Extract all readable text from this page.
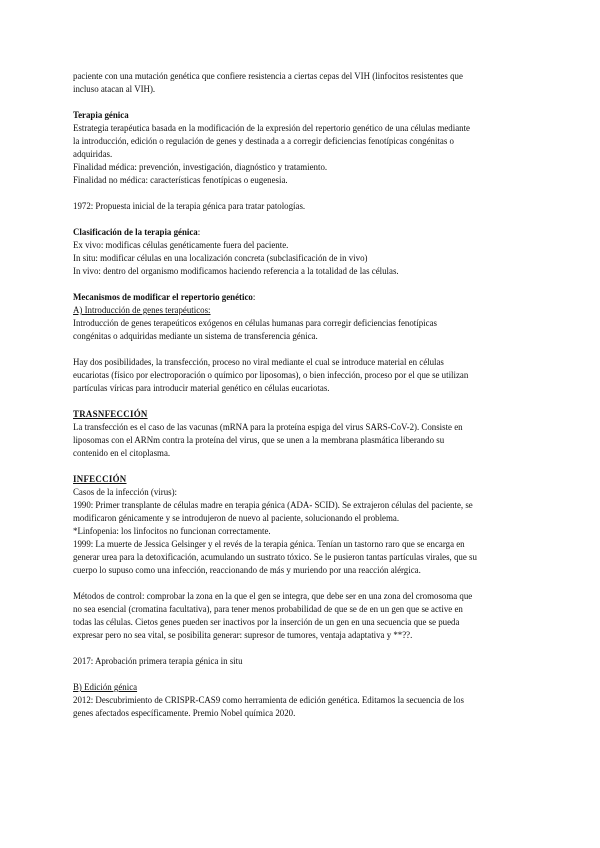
paciente con una mutación genética que confiere resistencia a ciertas cepas del VIH (linfocitos resistentes que

incluso atacan al VIH).

Terapia génica

Estrategia terapéutica basada en la modificación de la expresión del repertorio genético de una células mediante

la introducción, edición o regulación de genes y destinada a a corregir deficiencias fenotípicas congénitas o

adquiridas.

Finalidad médica: prevención, investigación, diagnóstico y tratamiento.

Finalidad no médica: características fenotípicas o eugenesia.

1972: Propuesta inicial de la terapia génica para tratar patologías.

Clasificación de la terapia génica:

Ex vivo: modificas células genéticamente fuera del paciente.

In situ: modificar células en una localización concreta (subclasificación de in vivo)

In vivo: dentro del organismo modificamos haciendo referencia a la totalidad de las células.

Mecanismos de modificar el repertorio genético:

A) Introducción de genes terapéuticos:

Introducción de genes terapeúticos exógenos en células humanas para corregir deficiencias fenotípicas

congénitas o adquiridas mediante un sistema de transferencia génica.

Hay dos posibilidades, la transfección, proceso no viral mediante el cual se introduce material en células

eucariotas (físico por electroporación o químico por liposomas), o bien infección, proceso por el que se utilizan

partículas víricas para introducir material genético en células eucariotas.

TRASNFECCIÓN

La transfección es el caso de las vacunas (mRNA para la proteína espiga del virus SARS-CoV-2). Consiste en

liposomas con el ARNm contra la proteína del virus, que se unen a la membrana plasmática liberando su

contenido en el citoplasma.

INFECCIÓN

Casos de la infección (virus):

1990: Primer transplante de células madre en terapia génica (ADA- SCID). Se extrajeron células del paciente, se

modificaron génicamente y se introdujeron de nuevo al paciente, solucionando el problema.

*Linfopenia: los linfocitos no funcionan correctamente.

1999: La muerte de Jessica Gelsinger y el revés de la terapia génica. Tenían un tastorno raro que se encarga en

generar urea para la detoxificación, acumulando un sustrato tóxico. Se le pusieron tantas partículas virales, que su

cuerpo lo supuso como una infección, reaccionando de más y muriendo por una reacción alérgica.

Métodos de control: comprobar la zona en la que el gen se integra, que debe ser en una zona del cromosoma que

no sea esencial (cromatina facultativa), para tener menos probabilidad de que se de en un gen que se active en

todas las células. Cietos genes pueden ser inactivos por la inserción de un gen en una secuencia que se pueda

expresar pero no sea vital, se posibilita generar: supresor de tumores, ventaja adaptativa y **??.

2017: Aprobación primera terapia génica in situ

B) Edición génica

2012: Descubrimiento de CRISPR-CAS9 como herramienta de edición genética. Editamos la secuencia de los

genes afectados específicamente. Premio Nobel química 2020.
